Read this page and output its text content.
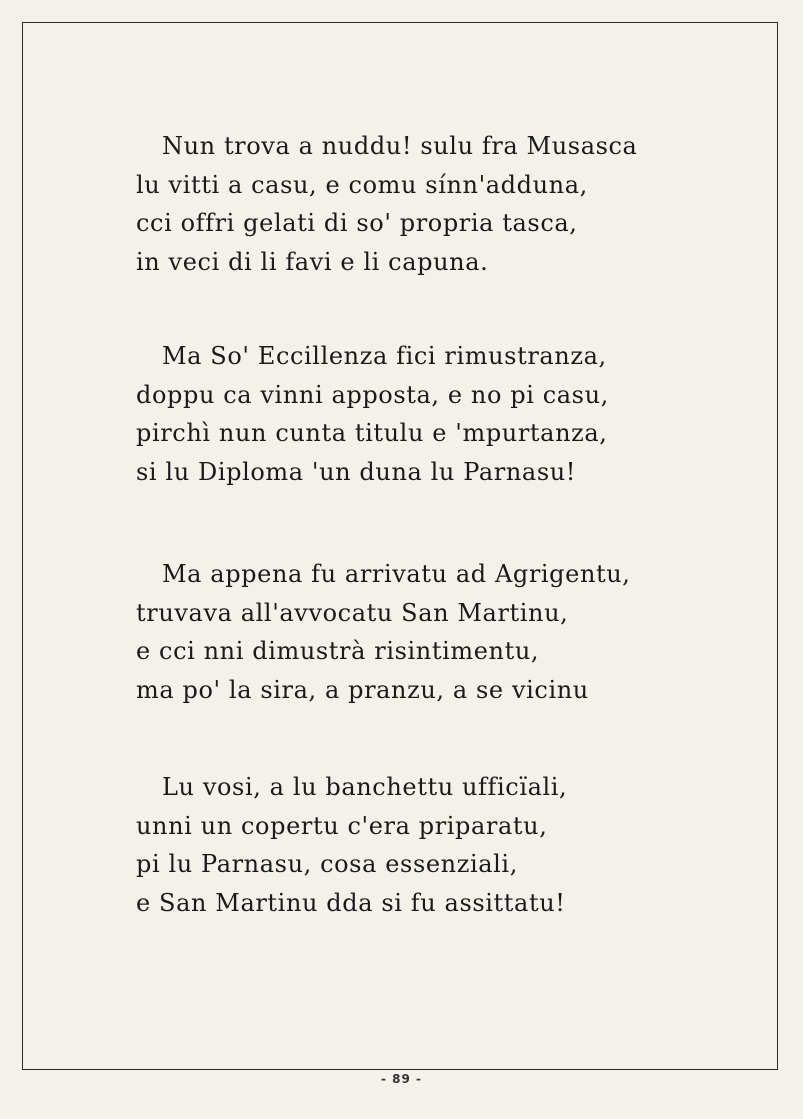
Nun trova a nuddu! sulu fra Musasca
lu vitti a casu, e comu sínn'adduna,
cci offri gelati di so' propria tasca,
in veci di li favi e li capuna.
Ma So' Eccillenza fici rimustranza,
doppu ca vinni apposta, e no pi casu,
pirchì nun cunta titulu e 'mpurtanza,
si lu Diploma 'un duna lu Parnasu!
Ma appena fu arrivatu ad Agrigentu,
truvava all'avvocatu San Martinu,
e cci nni dimustrà risintimentu,
ma po' la sira, a pranzu, a se vicinu
Lu vosi, a lu banchettu ufficïali,
unni un copertu c'era priparatu,
pi lu Parnasu, cosa essenziali,
e San Martinu dda si fu assittatu!
- 89 -
